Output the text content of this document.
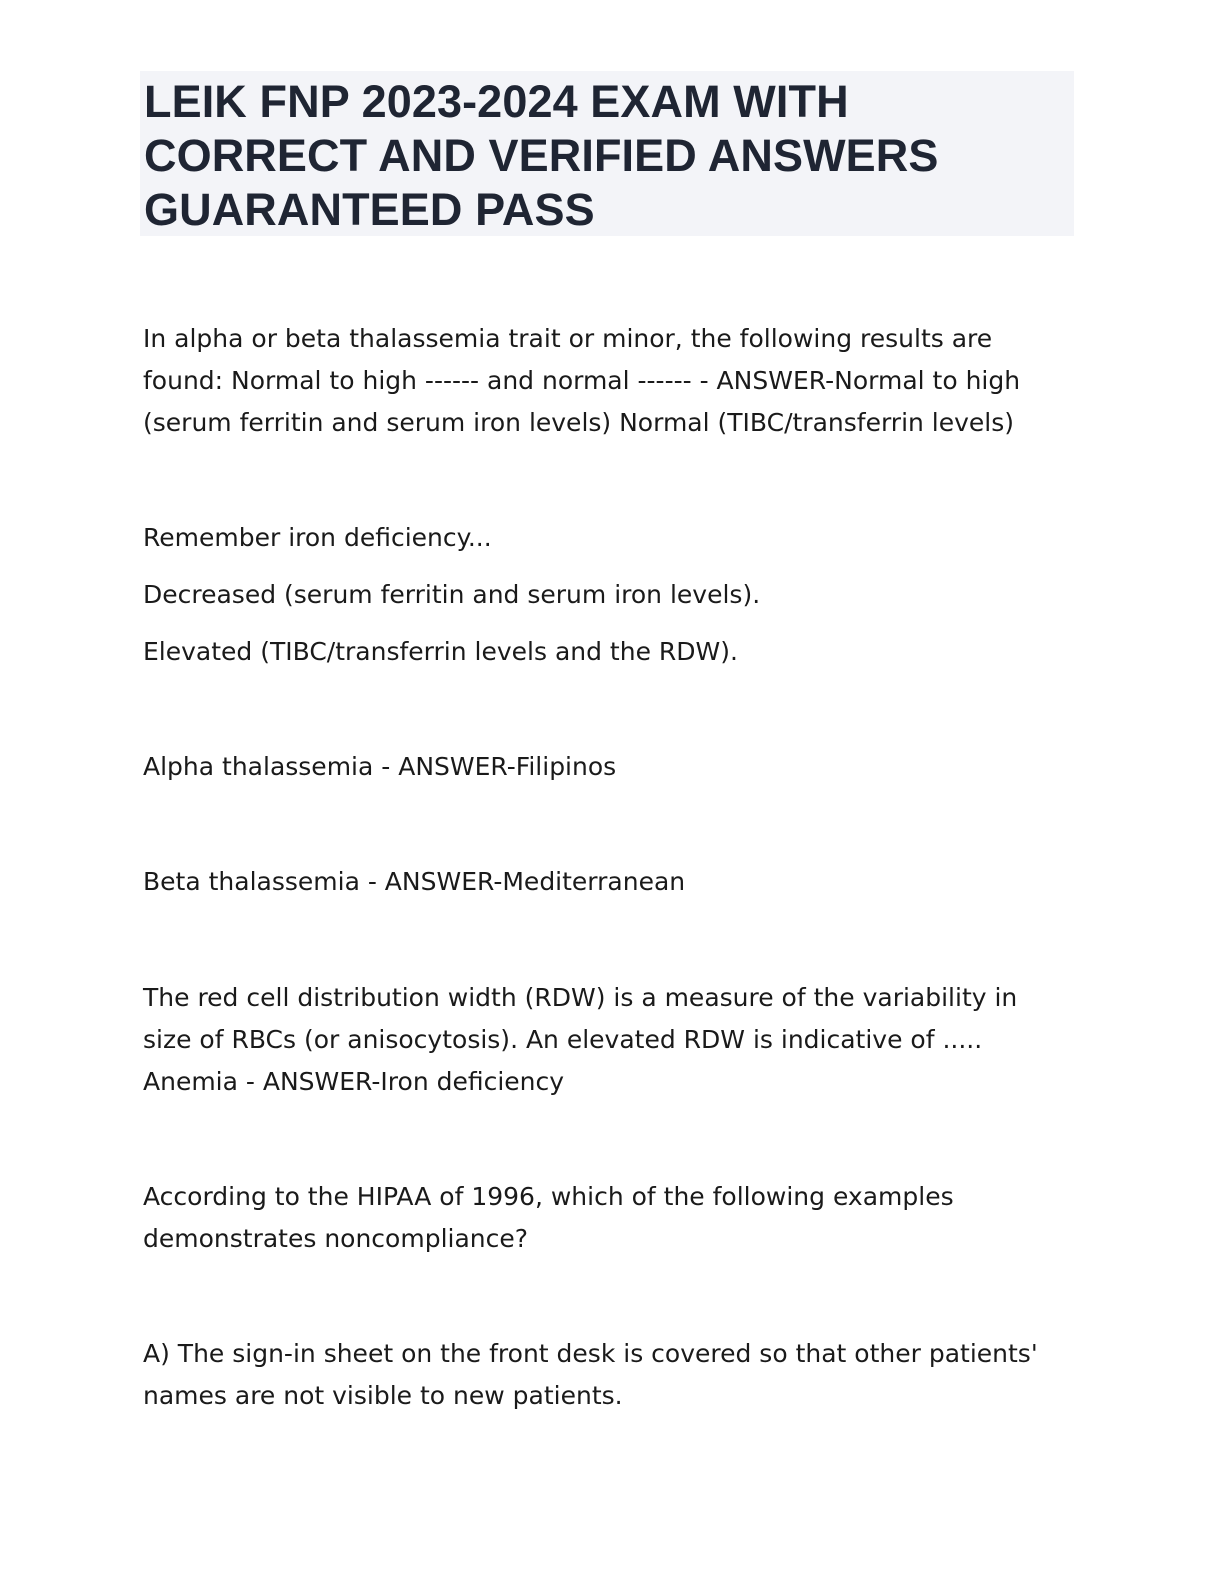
LEIK FNP 2023-2024 EXAM WITH
CORRECT AND VERIFIED ANSWERS
GUARANTEED PASS

In alpha or beta thalassemia trait or minor, the following results are
found: Normal to high ------ and normal ------ - ANSWER-Normal to high
(serum ferritin and serum iron levels) Normal (TIBC/transferrin levels)

Remember iron deficiency...

Decreased (serum ferritin and serum iron levels).

Elevated (TIBC/transferrin levels and the RDW).

Alpha thalassemia - ANSWER-Filipinos

Beta thalassemia - ANSWER-Mediterranean

The red cell distribution width (RDW) is a measure of the variability in
size of RBCs (or anisocytosis). An elevated RDW is indicative of .....
Anemia - ANSWER-Iron deficiency

According to the HIPAA of 1996, which of the following examples
demonstrates noncompliance?

A) The sign-in sheet on the front desk is covered so that other patients'
names are not visible to new patients.
